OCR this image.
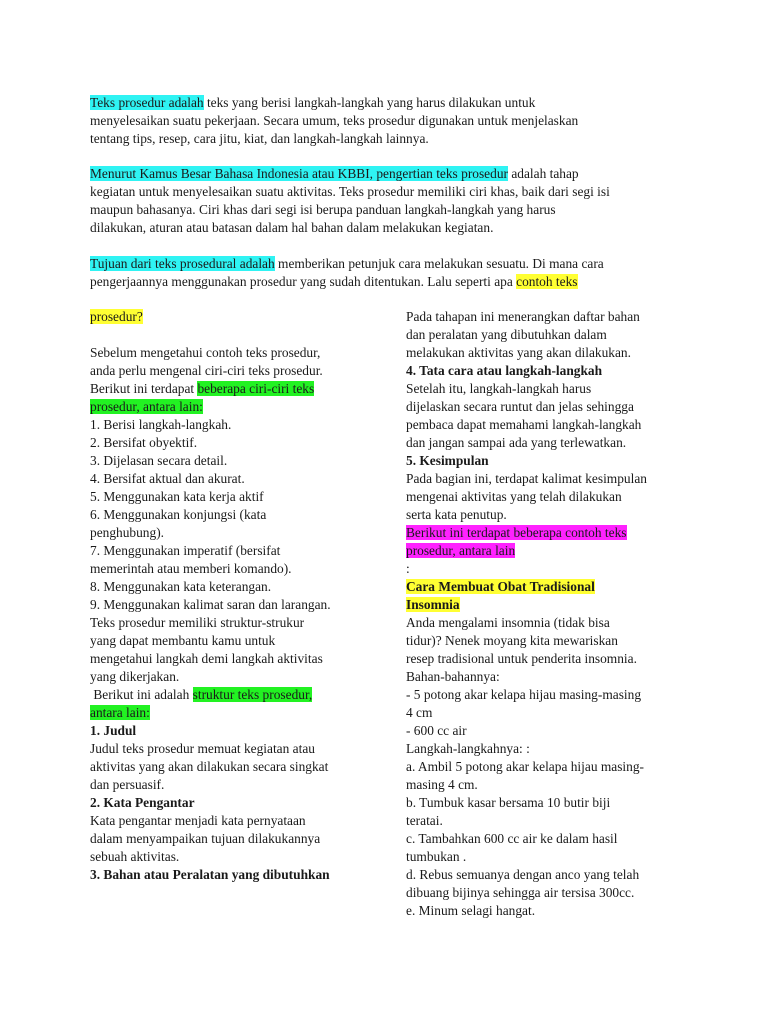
Teks prosedur adalah teks yang berisi langkah-langkah yang harus dilakukan untuk
menyelesaikan suatu pekerjaan. Secara umum, teks prosedur digunakan untuk menjelaskan
tentang tips, resep, cara jitu, kiat, dan langkah-langkah lainnya.
Menurut Kamus Besar Bahasa Indonesia atau KBBI, pengertian teks prosedur adalah tahap
kegiatan untuk menyelesaikan suatu aktivitas. Teks prosedur memiliki ciri khas, baik dari segi isi
maupun bahasanya. Ciri khas dari segi isi berupa panduan langkah-langkah yang harus
dilakukan, aturan atau batasan dalam hal bahan dalam melakukan kegiatan.
Tujuan dari teks prosedural adalah memberikan petunjuk cara melakukan sesuatu. Di mana cara
pengerjaannya menggunakan prosedur yang sudah ditentukan. Lalu seperti apa contoh teks
prosedur?
Sebelum mengetahui contoh teks prosedur,
anda perlu mengenal ciri-ciri teks prosedur.
Berikut ini terdapat beberapa ciri-ciri teks
prosedur, antara lain:
1. Berisi langkah-langkah.
2. Bersifat obyektif.
3. Dijelasan secara detail.
4. Bersifat aktual dan akurat.
5. Menggunakan kata kerja aktif
6. Menggunakan konjungsi (kata
penghubung).
7. Menggunakan imperatif (bersifat
memerintah atau memberi komando).
8. Menggunakan kata keterangan.
9. Menggunakan kalimat saran dan larangan.
Teks prosedur memiliki struktur-strukur
yang dapat membantu kamu untuk
mengetahui langkah demi langkah aktivitas
yang dikerjakan.
Berikut ini adalah struktur teks prosedur,
antara lain:
1. Judul
Judul teks prosedur memuat kegiatan atau
aktivitas yang akan dilakukan secara singkat
dan persuasif.
2. Kata Pengantar
Kata pengantar menjadi kata pernyataan
dalam menyampaikan tujuan dilakukannya
sebuah aktivitas.
3. Bahan atau Peralatan yang dibutuhkan
Pada tahapan ini menerangkan daftar bahan
dan peralatan yang dibutuhkan dalam
melakukan aktivitas yang akan dilakukan.
4. Tata cara atau langkah-langkah
Setelah itu, langkah-langkah harus
dijelaskan secara runtut dan jelas sehingga
pembaca dapat memahami langkah-langkah
dan jangan sampai ada yang terlewatkan.
5. Kesimpulan
Pada bagian ini, terdapat kalimat kesimpulan
mengenai aktivitas yang telah dilakukan
serta kata penutup.
Berikut ini terdapat beberapa contoh teks
prosedur, antara lain
:
Cara Membuat Obat Tradisional
Insomnia
Anda mengalami insomnia (tidak bisa
tidur)? Nenek moyang kita mewariskan
resep tradisional untuk penderita insomnia.
Bahan-bahannya:
- 5 potong akar kelapa hijau masing-masing
4 cm
- 600 cc air
Langkah-langkahnya: :
a. Ambil 5 potong akar kelapa hijau masing-
masing 4 cm.
b. Tumbuk kasar bersama 10 butir biji
teratai.
c. Tambahkan 600 cc air ke dalam hasil
tumbukan .
d. Rebus semuanya dengan anco yang telah
dibuang bijinya sehingga air tersisa 300cc.
e. Minum selagi hangat.
